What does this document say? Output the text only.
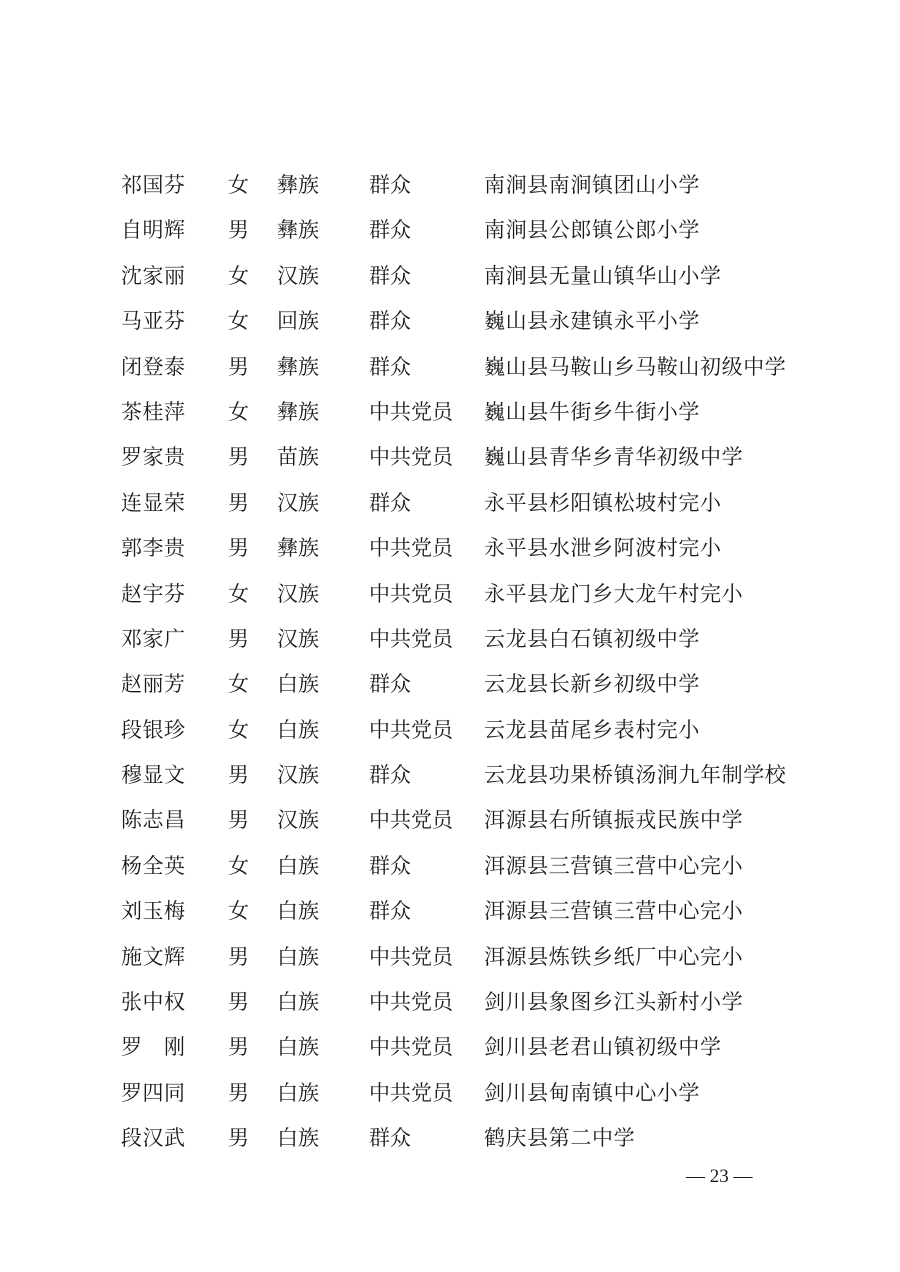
祁国芬	女	彝族	群众	南涧县南涧镇团山小学
自明辉	男	彝族	群众	南涧县公郎镇公郎小学
沈家丽	女	汉族	群众	南涧县无量山镇华山小学
马亚芬	女	回族	群众	巍山县永建镇永平小学
闭登泰	男	彝族	群众	巍山县马鞍山乡马鞍山初级中学
茶桂萍	女	彝族	中共党员	巍山县牛街乡牛街小学
罗家贵	男	苗族	中共党员	巍山县青华乡青华初级中学
连显荣	男	汉族	群众	永平县杉阳镇松坡村完小
郭李贵	男	彝族	中共党员	永平县水泄乡阿波村完小
赵宇芬	女	汉族	中共党员	永平县龙门乡大龙午村完小
邓家广	男	汉族	中共党员	云龙县白石镇初级中学
赵丽芳	女	白族	群众	云龙县长新乡初级中学
段银珍	女	白族	中共党员	云龙县苗尾乡表村完小
穆显文	男	汉族	群众	云龙县功果桥镇汤涧九年制学校
陈志昌	男	汉族	中共党员	洱源县右所镇振戎民族中学
杨全英	女	白族	群众	洱源县三营镇三营中心完小
刘玉梅	女	白族	群众	洱源县三营镇三营中心完小
施文辉	男	白族	中共党员	洱源县炼铁乡纸厂中心完小
张中权	男	白族	中共党员	剑川县象图乡江头新村小学
罗　刚	男	白族	中共党员	剑川县老君山镇初级中学
罗四同	男	白族	中共党员	剑川县甸南镇中心小学
段汉武	男	白族	群众	鹤庆县第二中学
— 23 —
